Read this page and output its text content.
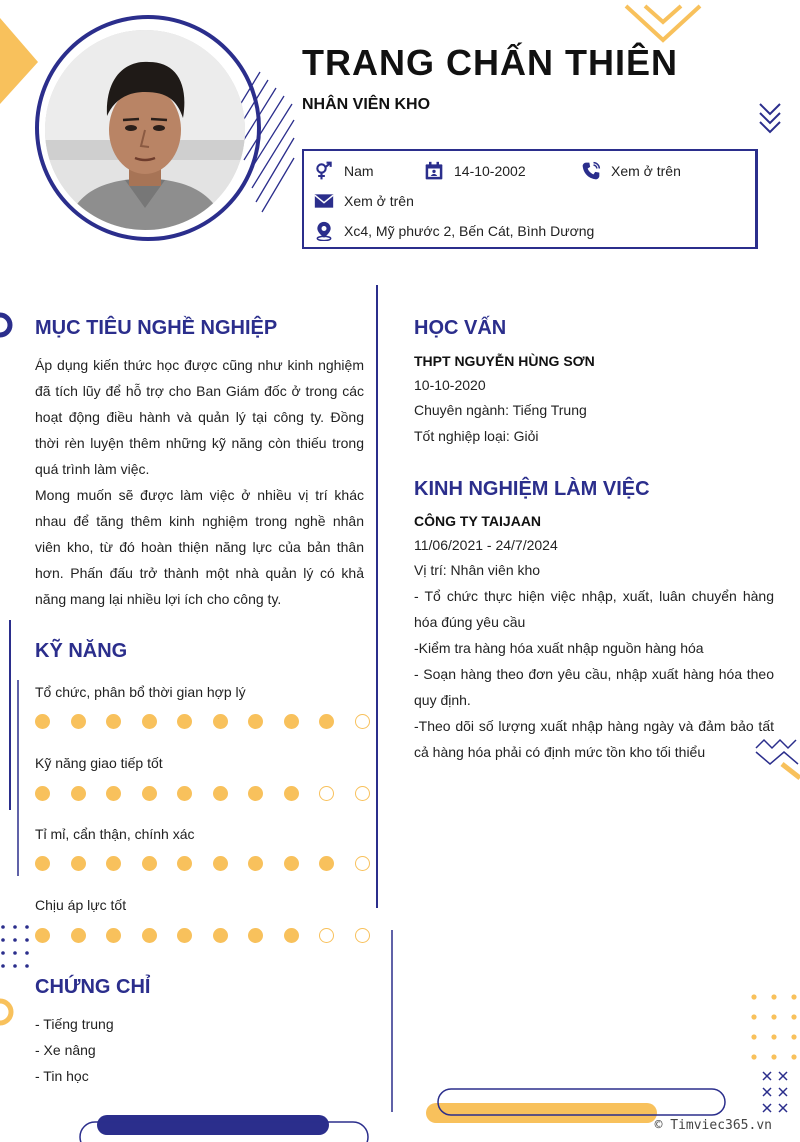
TRANG CHẤN THIÊN
NHÂN VIÊN KHO
Nam	14-10-2002	Xem ở trên
Xem ở trên
Xc4, Mỹ phước 2, Bến Cát, Bình Dương
MỤC TIÊU NGHỀ NGHIỆP
Áp dụng kiến thức học được cũng như kinh nghiệm đã tích lũy để hỗ trợ cho Ban Giám đốc ở trong các hoạt động điều hành và quản lý tại công ty. Đồng thời rèn luyện thêm những kỹ năng còn thiếu trong quá trình làm việc.
Mong muốn sẽ được làm việc ở nhiều vị trí khác nhau để tăng thêm kinh nghiệm trong nghề nhân viên kho, từ đó hoàn thiện năng lực của bản thân hơn. Phấn đấu trở thành một nhà quản lý có khả năng mang lại nhiều lợi ích cho công ty.
KỸ NĂNG
Tổ chức, phân bổ thời gian hợp lý
Kỹ năng giao tiếp tốt
Tỉ mỉ, cẩn thận, chính xác
Chịu áp lực tốt
CHỨNG CHỈ
- Tiếng trung
- Xe nâng
- Tin học
HỌC VẤN
THPT NGUYỄN HÙNG SƠN
10-10-2020
Chuyên ngành: Tiếng Trung
Tốt nghiệp loại: Giỏi
KINH NGHIỆM LÀM VIỆC
CÔNG TY TAIJAAN
11/06/2021 - 24/7/2024
Vị trí: Nhân viên kho
- Tổ chức thực hiện việc nhập, xuất, luân chuyển hàng hóa đúng yêu cầu
-Kiểm tra hàng hóa xuất nhập nguồn hàng hóa
- Soạn hàng theo đơn yêu cầu, nhập xuất hàng hóa theo quy định.
-Theo dõi số lượng xuất nhập hàng ngày và đảm bảo tất cả hàng hóa phải có định mức tồn kho tối thiểu
© Timviec365.vn
